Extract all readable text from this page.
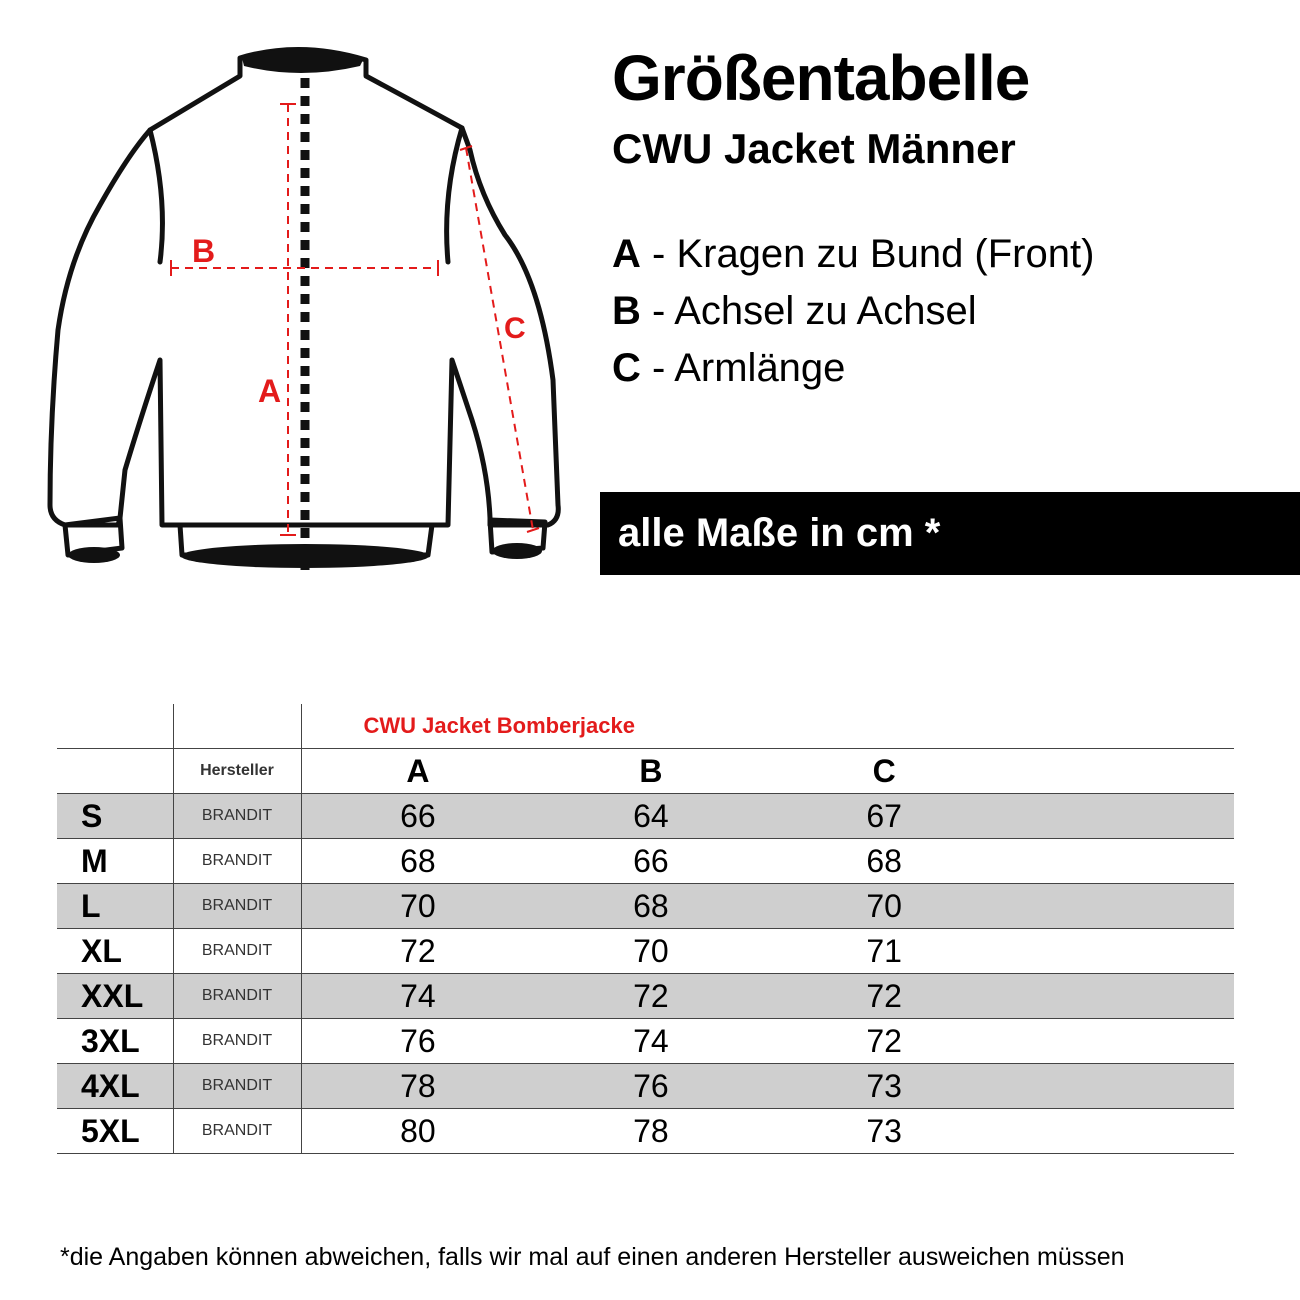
B
A
C
Größentabelle
CWU Jacket Männer
A - Kragen zu Bund (Front)
B - Achsel zu Achsel
C - Armlänge
alle Maße in cm *
		CWU Jacket Bomberjacke			
	Hersteller	A	B	C	
S	BRANDIT	66	64	67	
M	BRANDIT	68	66	68	
L	BRANDIT	70	68	70	
XL	BRANDIT	72	70	71	
XXL	BRANDIT	74	72	72	
3XL	BRANDIT	76	74	72	
4XL	BRANDIT	78	76	73	
5XL	BRANDIT	80	78	73	
*die Angaben können abweichen, falls wir mal auf einen anderen Hersteller ausweichen müssen
